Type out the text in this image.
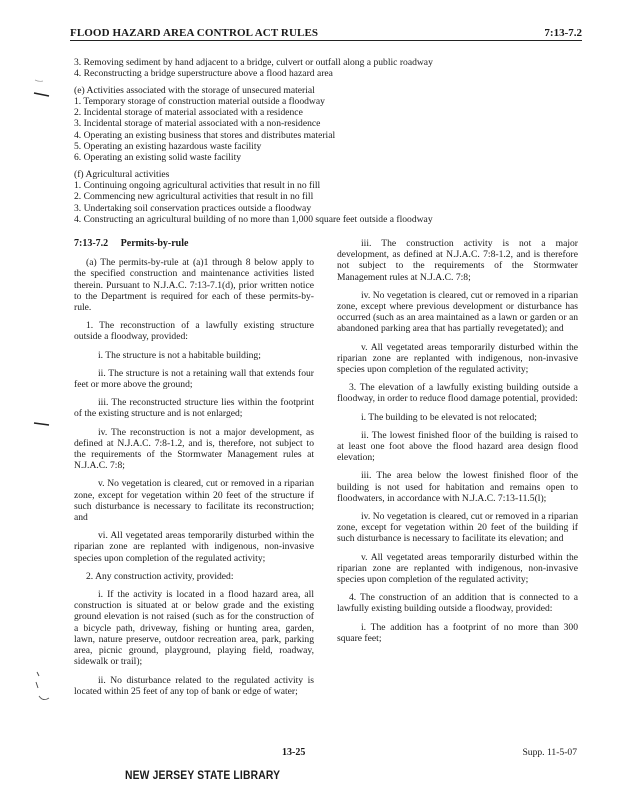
FLOOD HAZARD AREA CONTROL ACT RULES	7:13-7.2
3. Removing sediment by hand adjacent to a bridge, culvert or outfall along a public roadway
4. Reconstructing a bridge superstructure above a flood hazard area
(e) Activities associated with the storage of unsecured material
1. Temporary storage of construction material outside a floodway
2. Incidental storage of material associated with a residence
3. Incidental storage of material associated with a non-residence
4. Operating an existing business that stores and distributes material
5. Operating an existing hazardous waste facility
6. Operating an existing solid waste facility
(f) Agricultural activities
1. Continuing ongoing agricultural activities that result in no fill
2. Commencing new agricultural activities that result in no fill
3. Undertaking soil conservation practices outside a floodway
4. Constructing an agricultural building of no more than 1,000 square feet outside a floodway
7:13-7.2 Permits-by-rule
(a) The permits-by-rule at (a)1 through 8 below apply to the specified construction and maintenance activities listed therein. Pursuant to N.J.A.C. 7:13-7.1(d), prior written notice to the Department is required for each of these permits-by-rule.
1. The reconstruction of a lawfully existing structure outside a floodway, provided:
i. The structure is not a habitable building;
ii. The structure is not a retaining wall that extends four feet or more above the ground;
iii. The reconstructed structure lies within the footprint of the existing structure and is not enlarged;
iv. The reconstruction is not a major development, as defined at N.J.A.C. 7:8-1.2, and is, therefore, not subject to the requirements of the Stormwater Management rules at N.J.A.C. 7:8;
v. No vegetation is cleared, cut or removed in a riparian zone, except for vegetation within 20 feet of the structure if such disturbance is necessary to facilitate its reconstruction; and
vi. All vegetated areas temporarily disturbed within the riparian zone are replanted with indigenous, non-invasive species upon completion of the regulated activity;
2. Any construction activity, provided:
i. If the activity is located in a flood hazard area, all construction is situated at or below grade and the existing ground elevation is not raised (such as for the construction of a bicycle path, driveway, fishing or hunting area, garden, lawn, nature preserve, outdoor recreation area, park, parking area, picnic ground, playground, playing field, roadway, sidewalk or trail);
ii. No disturbance related to the regulated activity is located within 25 feet of any top of bank or edge of water;
iii. The construction activity is not a major development, as defined at N.J.A.C. 7:8-1.2, and is therefore not subject to the requirements of the Stormwater Management rules at N.J.A.C. 7:8;
iv. No vegetation is cleared, cut or removed in a riparian zone, except where previous development or disturbance has occurred (such as an area maintained as a lawn or garden or an abandoned parking area that has partially revegetated); and
v. All vegetated areas temporarily disturbed within the riparian zone are replanted with indigenous, non-invasive species upon completion of the regulated activity;
3. The elevation of a lawfully existing building outside a floodway, in order to reduce flood damage potential, provided:
i. The building to be elevated is not relocated;
ii. The lowest finished floor of the building is raised to at least one foot above the flood hazard area design flood elevation;
iii. The area below the lowest finished floor of the building is not used for habitation and remains open to floodwaters, in accordance with N.J.A.C. 7:13-11.5(l);
iv. No vegetation is cleared, cut or removed in a riparian zone, except for vegetation within 20 feet of the building if such disturbance is necessary to facilitate its elevation; and
v. All vegetated areas temporarily disturbed within the riparian zone are replanted with indigenous, non-invasive species upon completion of the regulated activity;
4. The construction of an addition that is connected to a lawfully existing building outside a floodway, provided:
i. The addition has a footprint of no more than 300 square feet;
13-25	Supp. 11-5-07
NEW JERSEY STATE LIBRARY
